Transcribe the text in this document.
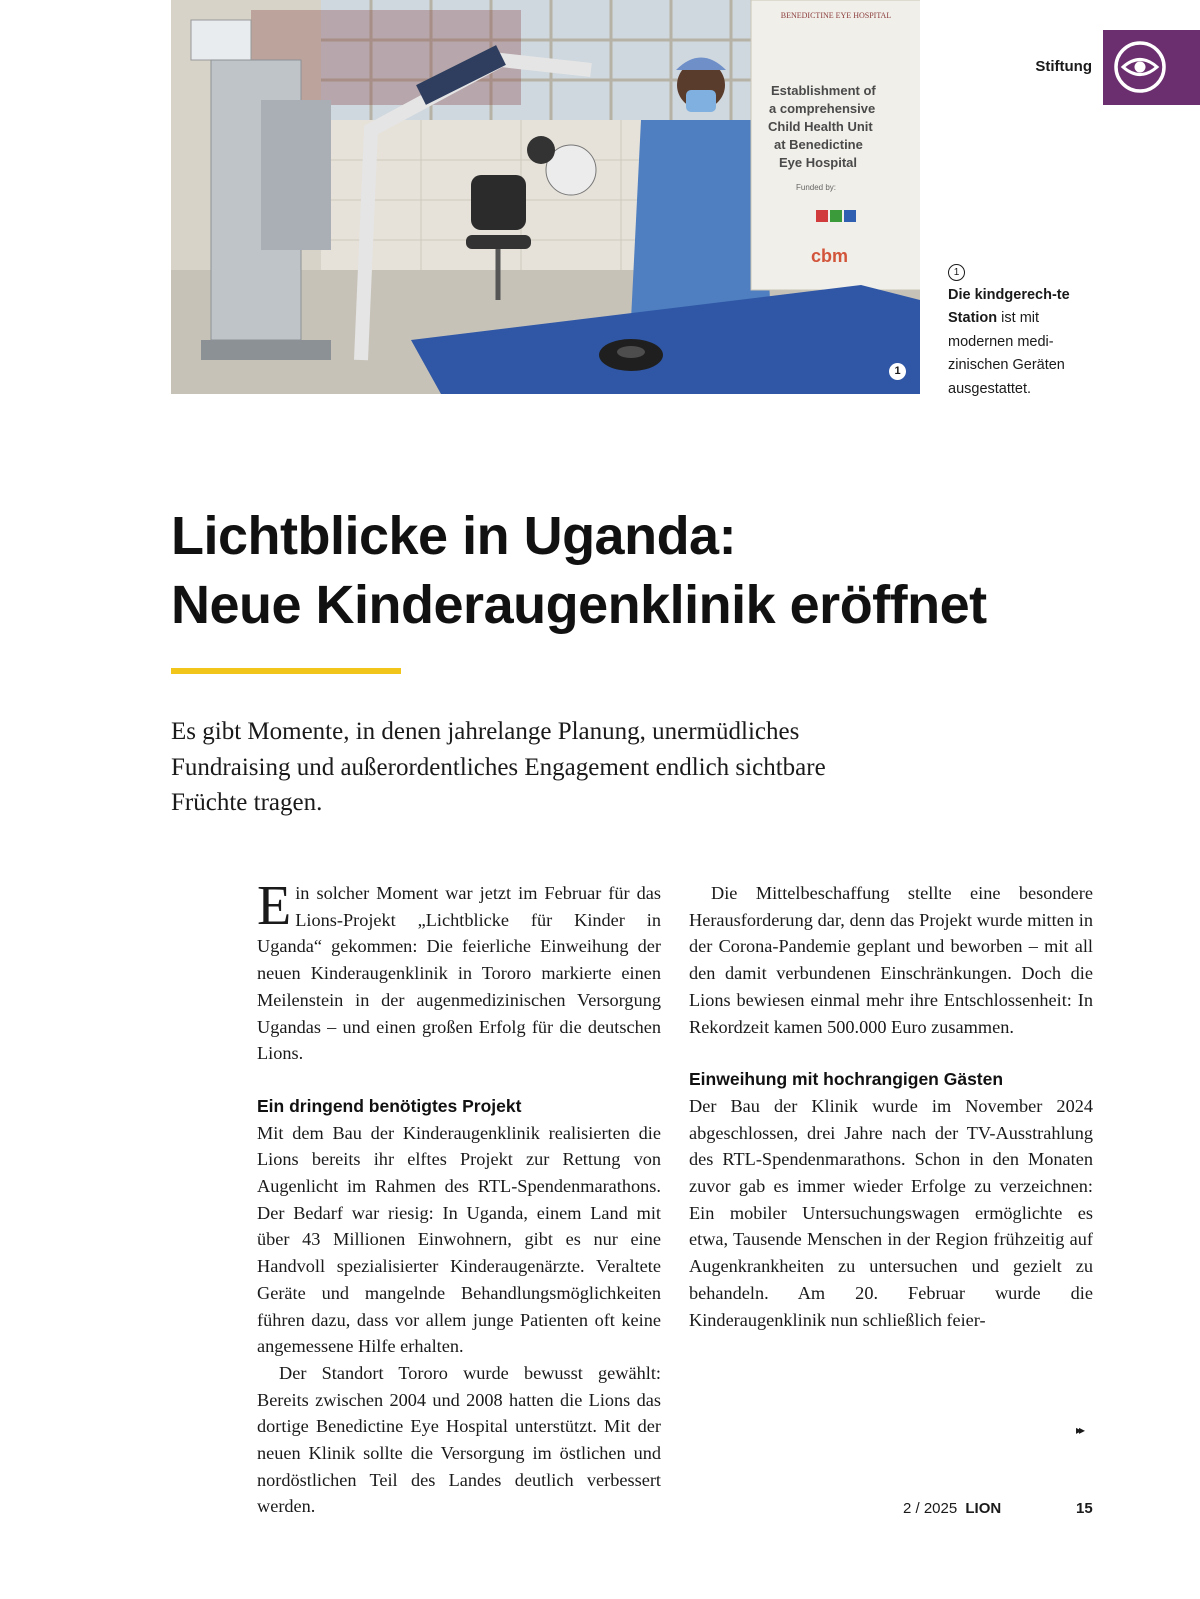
BENEDICTINE EYE HOSPITAL
Establishment of
a comprehensive
Child Health Unit
at Benedictine
Eye Hospital
Funded by:
cbm
1
Stiftung
1
Die kindgerech-te Station ist mit modernen medi-zinischen Geräten ausgestattet.
Lichtblicke in Uganda:
Neue Kinderaugenklinik eröffnet
Es gibt Momente, in denen jahrelange Planung, unermüdliches Fundraising und außerordentliches Engagement endlich sichtbare Früchte tragen.

Ein solcher Moment war jetzt im Februar für das Lions-Projekt „Lichtblicke für Kinder in Uganda“ gekommen: Die feierliche Einweihung der neuen Kinderaugenklinik in Tororo markierte einen Meilenstein in der augenmedizinischen Versorgung Ugandas – und einen großen Erfolg für die deutschen Lions.

Ein dringend benötigtes Projekt

Mit dem Bau der Kinderaugenklinik realisierten die Lions bereits ihr elftes Projekt zur Rettung von Augenlicht im Rahmen des RTL-Spendenmarathons. Der Bedarf war riesig: In Uganda, einem Land mit über 43 Millionen Einwohnern, gibt es nur eine Handvoll spezialisierter Kinderaugenärzte. Veraltete Geräte und mangelnde Behandlungsmöglichkeiten führen dazu, dass vor allem junge Patienten oft keine angemessene Hilfe erhalten.

Der Standort Tororo wurde bewusst gewählt: Bereits zwischen 2004 und 2008 hatten die Lions das dortige Benedictine Eye Hospital unterstützt. Mit der neuen Klinik sollte die Versorgung im östlichen und nordöstlichen Teil des Landes deutlich verbessert werden.

Die Mittelbeschaffung stellte eine besondere Herausforderung dar, denn das Projekt wurde mitten in der Corona-Pandemie geplant und beworben – mit all den damit verbundenen Einschränkungen. Doch die Lions bewiesen einmal mehr ihre Entschlossenheit: In Rekordzeit kamen 500.000 Euro zusammen.

Einweihung mit hochrangigen Gästen

Der Bau der Klinik wurde im November 2024 abgeschlossen, drei Jahre nach der TV-Ausstrahlung des RTL-Spendenmarathons. Schon in den Monaten zuvor gab es immer wieder Erfolge zu verzeichnen: Ein mobiler Untersuchungswagen ermöglichte es etwa, Tausende Menschen in der Region frühzeitig auf Augenkrankheiten zu untersuchen und gezielt zu behandeln. Am 20. Februar wurde die Kinderaugenklinik nun schließlich feier-

▸▸
2 / 2025 LION	15
